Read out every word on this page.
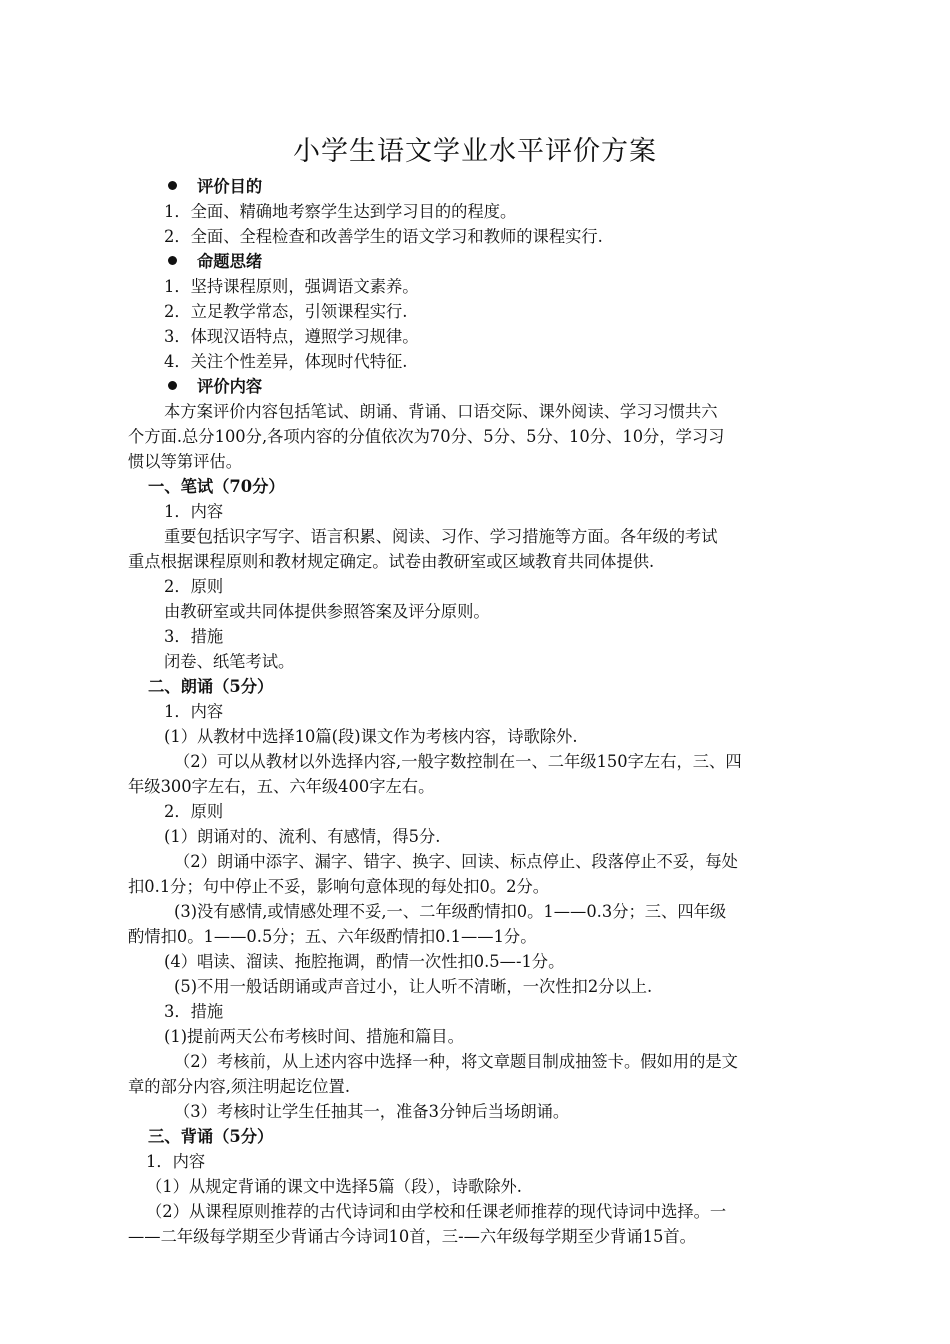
小学生语文学业水平评价方案
评价目的
1．全面、精确地考察学生达到学习目的的程度。
2．全面、全程检查和改善学生的语文学习和教师的课程实行.
命题思绪
1．坚持课程原则，强调语文素养。
2．立足教学常态，引领课程实行.
3．体现汉语特点，遵照学习规律。
4．关注个性差异，体现时代特征.
评价内容
本方案评价内容包括笔试、朗诵、背诵、口语交际、课外阅读、学习习惯共六
个方面.总分100分,各项内容的分值依次为70分、5分、5分、10分、10分，学习习
惯以等第评估。
一、笔试（70分）
1．内容
重要包括识字写字、语言积累、阅读、习作、学习措施等方面。各年级的考试
重点根据课程原则和教材规定确定。试卷由教研室或区域教育共同体提供.
2．原则
由教研室或共同体提供参照答案及评分原则。
3．措施
闭卷、纸笔考试。
二、朗诵（5分）
1．内容
(1）从教材中选择10篇(段)课文作为考核内容，诗歌除外.
（2）可以从教材以外选择内容,一般字数控制在一、二年级150字左右，三、四
年级300字左右，五、六年级400字左右。
2．原则
(1）朗诵对的、流利、有感情，得5分.
（2）朗诵中添字、漏字、错字、换字、回读、标点停止、段落停止不妥，每处
扣0.1分；句中停止不妥，影响句意体现的每处扣0。2分。
(3)没有感情,或情感处理不妥,一、二年级酌情扣0。1——0.3分；三、四年级
酌情扣0。1——0.5分；五、六年级酌情扣0.1——1分。
(4）唱读、溜读、拖腔拖调，酌情一次性扣0.5—-1分。
(5)不用一般话朗诵或声音过小，让人听不清晰，一次性扣2分以上.
3．措施
(1)提前两天公布考核时间、措施和篇目。
（2）考核前，从上述内容中选择一种，将文章题目制成抽签卡。假如用的是文
章的部分内容,须注明起讫位置.
（3）考核时让学生任抽其一，准备3分钟后当场朗诵。
三、背诵（5分）
1．内容
（1）从规定背诵的课文中选择5篇（段），诗歌除外.
（2）从课程原则推荐的古代诗词和由学校和任课老师推荐的现代诗词中选择。一
——二年级每学期至少背诵古今诗词10首，三-—六年级每学期至少背诵15首。
